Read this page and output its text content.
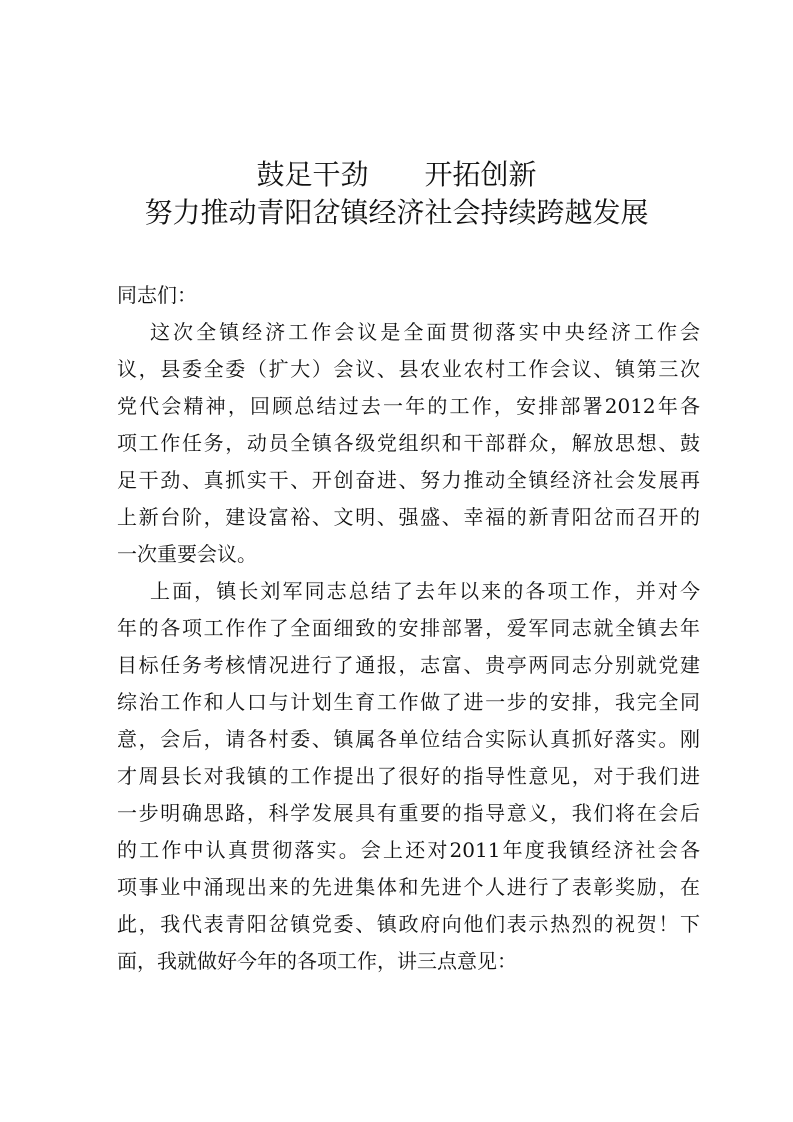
鼓足干劲　　开拓创新
努力推动青阳岔镇经济社会持续跨越发展
同志们：
这次全镇经济工作会议是全面贯彻落实中央经济工作会
议，县委全委（扩大）会议、县农业农村工作会议、镇第三次
党代会精神，回顾总结过去一年的工作，安排部署2012年各
项工作任务，动员全镇各级党组织和干部群众，解放思想、鼓
足干劲、真抓实干、开创奋进、努力推动全镇经济社会发展再
上新台阶，建设富裕、文明、强盛、幸福的新青阳岔而召开的
一次重要会议。
上面，镇长刘军同志总结了去年以来的各项工作，并对今
年的各项工作作了全面细致的安排部署，爱军同志就全镇去年
目标任务考核情况进行了通报，志富、贵亭两同志分别就党建
综治工作和人口与计划生育工作做了进一步的安排，我完全同
意，会后，请各村委、镇属各单位结合实际认真抓好落实。刚
才周县长对我镇的工作提出了很好的指导性意见，对于我们进
一步明确思路，科学发展具有重要的指导意义，我们将在会后
的工作中认真贯彻落实。会上还对2011年度我镇经济社会各
项事业中涌现出来的先进集体和先进个人进行了表彰奖励，在
此，我代表青阳岔镇党委、镇政府向他们表示热烈的祝贺！下
面，我就做好今年的各项工作，讲三点意见：
